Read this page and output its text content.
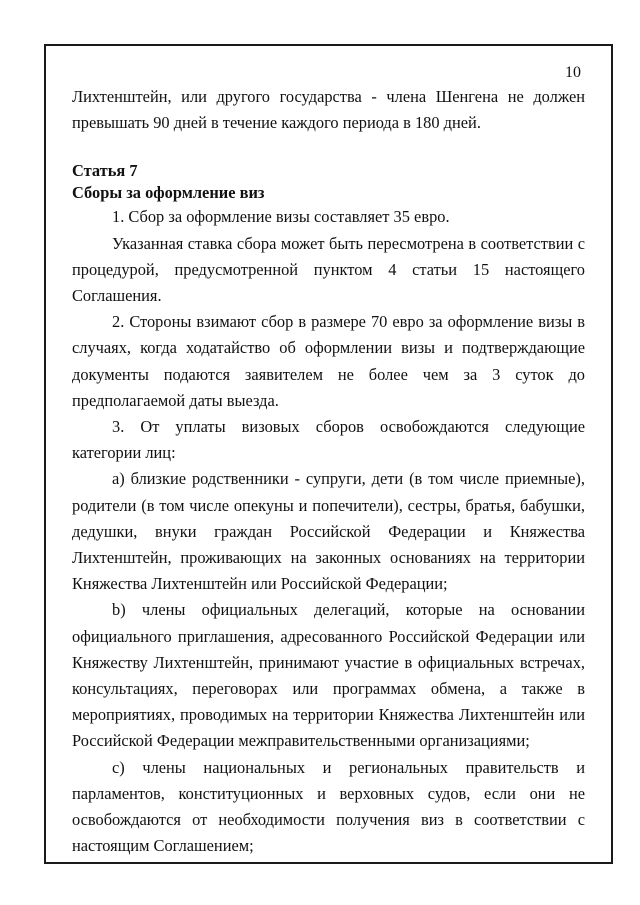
10

Лихтенштейн, или другого государства - члена Шенгена не должен превышать 90 дней в течение каждого периода в 180 дней.

Статья 7

Сборы за оформление виз

1. Сбор за оформление визы составляет 35 евро.

Указанная ставка сбора может быть пересмотрена в соответствии с процедурой, предусмотренной пунктом 4 статьи 15 настоящего Соглашения.

2. Стороны взимают сбор в размере 70 евро за оформление визы в случаях, когда ходатайство об оформлении визы и подтверждающие документы подаются заявителем не более чем за 3 суток до предполагаемой даты выезда.

3. От уплаты визовых сборов освобождаются следующие категории лиц:

a) близкие родственники - супруги, дети (в том числе приемные), родители (в том числе опекуны и попечители), сестры, братья, бабушки, дедушки, внуки граждан Российской Федерации и Княжества Лихтенштейн, проживающих на законных основаниях на территории Княжества Лихтенштейн или Российской Федерации;

b) члены официальных делегаций, которые на основании официального приглашения, адресованного Российской Федерации или Княжеству Лихтенштейн, принимают участие в официальных встречах, консультациях, переговорах или программах обмена, а также в мероприятиях, проводимых на территории Княжества Лихтенштейн или Российской Федерации межправительственными организациями;

c) члены национальных и региональных правительств и парламентов, конституционных и верховных судов, если они не освобождаются от необходимости получения виз в соответствии с настоящим Соглашением;
